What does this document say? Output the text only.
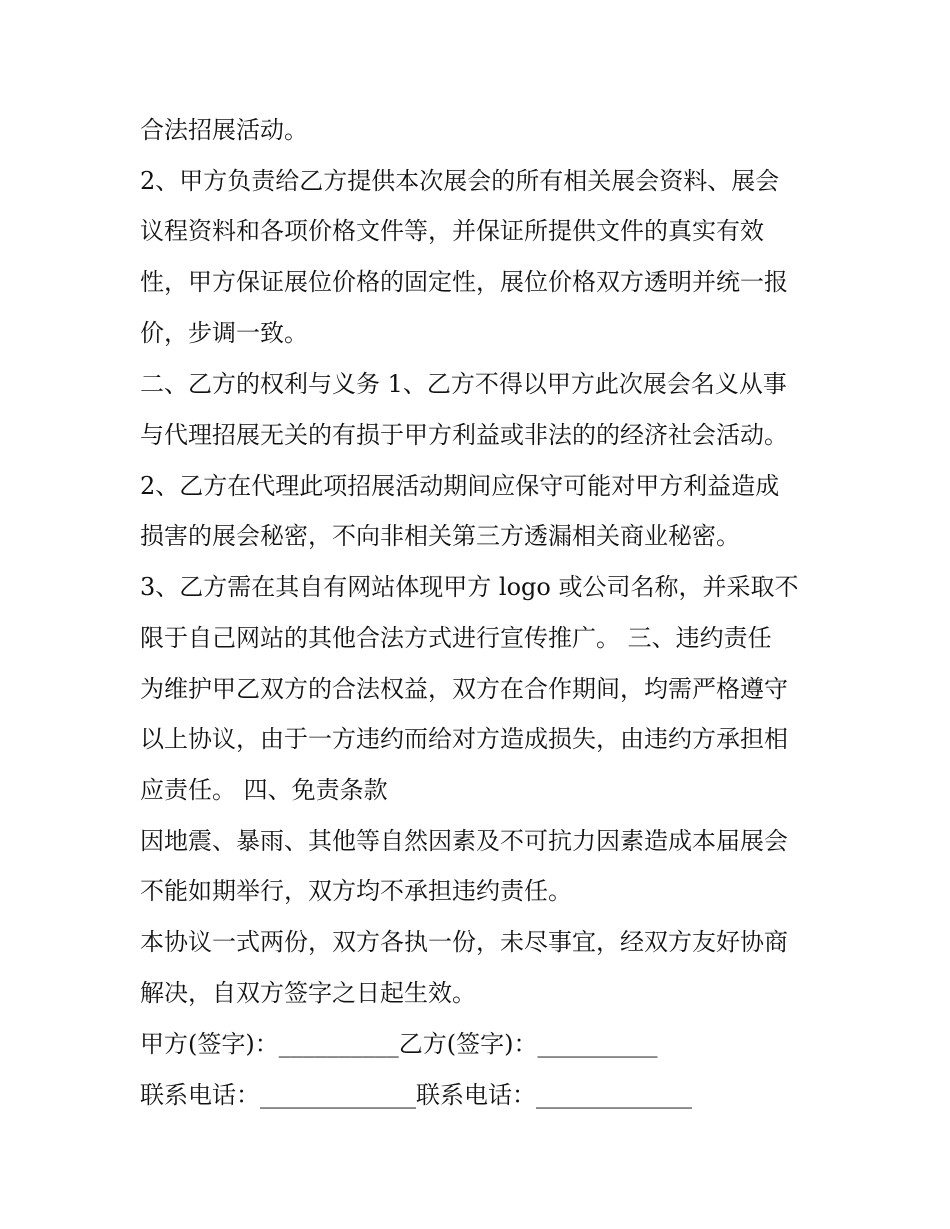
合法招展活动。
2、甲方负责给乙方提供本次展会的所有相关展会资料、展会
议程资料和各项价格文件等，并保证所提供文件的真实有效
性，甲方保证展位价格的固定性，展位价格双方透明并统一报
价，步调一致。
二、乙方的权利与义务 1、乙方不得以甲方此次展会名义从事
与代理招展无关的有损于甲方利益或非法的的经济社会活动。
2、乙方在代理此项招展活动期间应保守可能对甲方利益造成
损害的展会秘密，不向非相关第三方透漏相关商业秘密。
3、乙方需在其自有网站体现甲方 logo 或公司名称，并采取不
限于自己网站的其他合法方式进行宣传推广。 三、违约责任
为维护甲乙双方的合法权益，双方在合作期间，均需严格遵守
以上协议，由于一方违约而给对方造成损失，由违约方承担相
应责任。 四、免责条款
因地震、暴雨、其他等自然因素及不可抗力因素造成本届展会
不能如期举行，双方均不承担违约责任。
本协议一式两份，双方各执一份，未尽事宜，经双方友好协商
解决，自双方签字之日起生效。
甲方(签字)：__________乙方(签字)：__________
联系电话：_____________联系电话：_____________
